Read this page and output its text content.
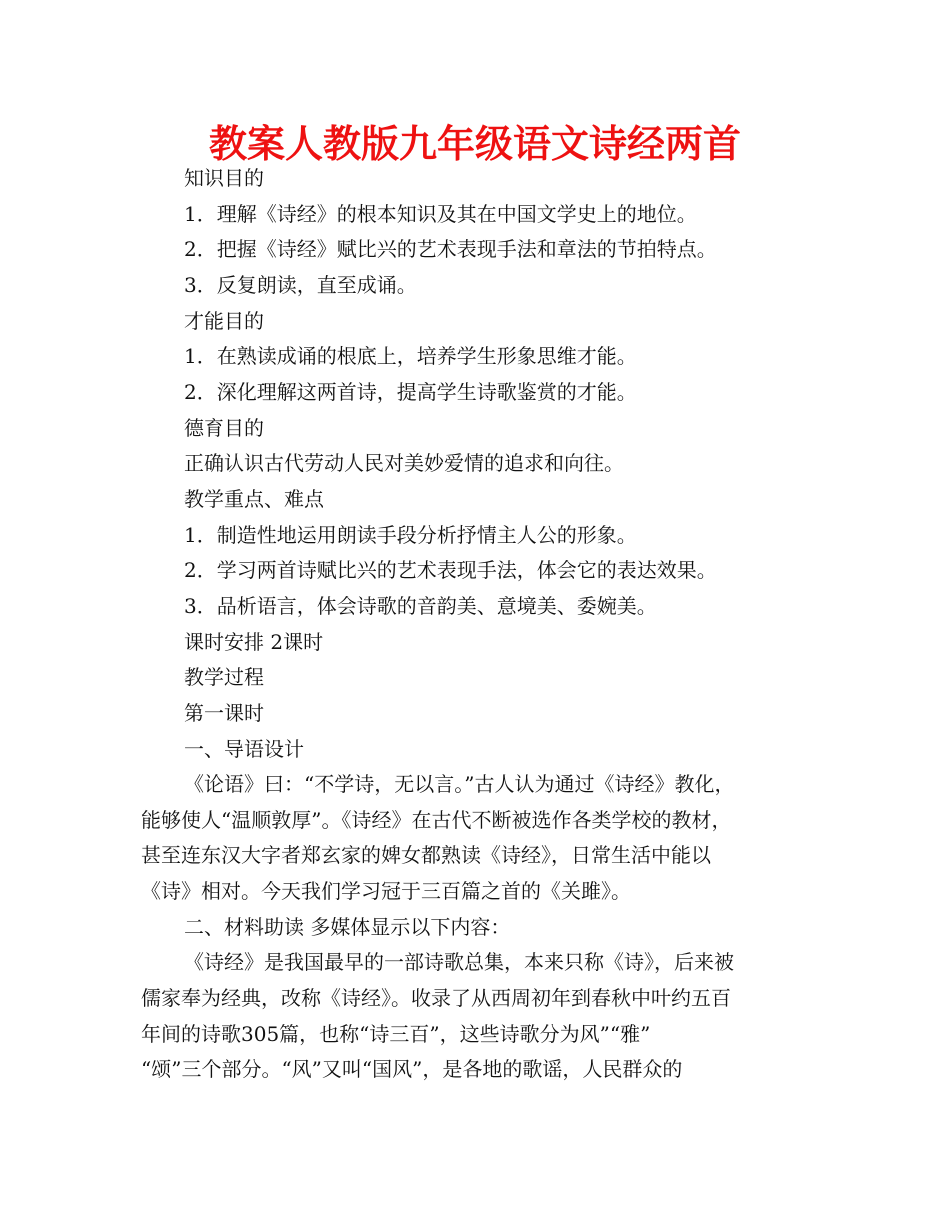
教案人教版九年级语文诗经两首
知识目的
1．理解《诗经》的根本知识及其在中国文学史上的地位。
2．把握《诗经》赋比兴的艺术表现手法和章法的节拍特点。
3．反复朗读，直至成诵。
才能目的
1．在熟读成诵的根底上，培养学生形象思维才能。
2．深化理解这两首诗，提高学生诗歌鉴赏的才能。
德育目的
正确认识古代劳动人民对美妙爱情的追求和向往。
教学重点、难点
1．制造性地运用朗读手段分析抒情主人公的形象。
2．学习两首诗赋比兴的艺术表现手法，体会它的表达效果。
3．品析语言，体会诗歌的音韵美、意境美、委婉美。
课时安排 2课时
教学过程
第一课时
一、导语设计
《论语》曰：“不学诗，无以言。”古人认为通过《诗经》教化，
能够使人“温顺敦厚”。《诗经》在古代不断被选作各类学校的教材，
甚至连东汉大字者郑玄家的婢女都熟读《诗经》，日常生活中能以
《诗》相对。今天我们学习冠于三百篇之首的《关雎》。
二、材料助读 多媒体显示以下内容：
《诗经》是我国最早的一部诗歌总集，本来只称《诗》，后来被
儒家奉为经典，改称《诗经》。收录了从西周初年到春秋中叶约五百
年间的诗歌305篇，也称“诗三百”，这些诗歌分为风”“雅”
“颂”三个部分。“风”又叫“国风”，是各地的歌谣，人民群众的
